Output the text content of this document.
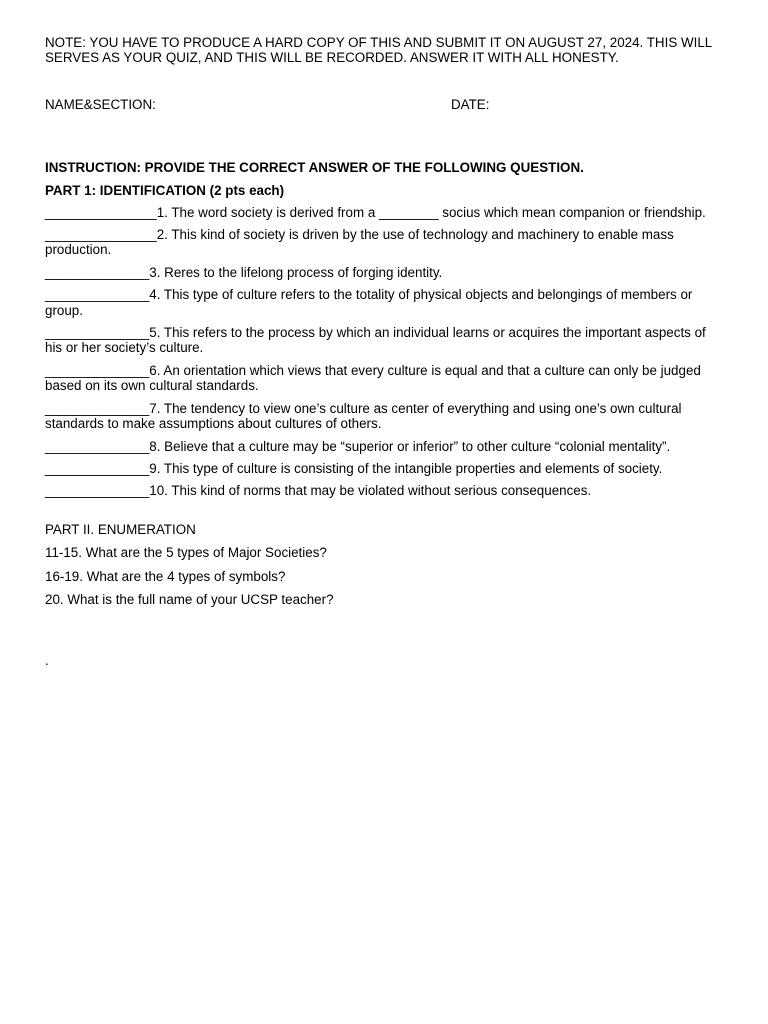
NOTE: YOU HAVE TO PRODUCE A HARD COPY OF THIS AND SUBMIT IT ON AUGUST 27, 2024. THIS WILL SERVES AS YOUR QUIZ, AND THIS WILL BE RECORDED. ANSWER IT WITH ALL HONESTY.

NAME&SECTION:	DATE:
INSTRUCTION: PROVIDE THE CORRECT ANSWER OF THE FOLLOWING QUESTION.
PART 1: IDENTIFICATION (2 pts each)
_______________1. The word society is derived from a ________ socius which mean companion or friendship.
_______________2. This kind of society is driven by the use of technology and machinery to enable mass production.
______________3. Reres to the lifelong process of forging identity.
______________4. This type of culture refers to the totality of physical objects and belongings of members or group.
______________5. This refers to the process by which an individual learns or acquires the important aspects of his or her society’s culture.
______________6. An orientation which views that every culture is equal and that a culture can only be judged based on its own cultural standards.
______________7. The tendency to view one’s culture as center of everything and using one’s own cultural standards to make assumptions about cultures of others.
______________8. Believe that a culture may be “superior or inferior” to other culture “colonial mentality”.
______________9. This type of culture is consisting of the intangible properties and elements of society.
______________10. This kind of norms that may be violated without serious consequences.
PART II. ENUMERATION
11-15. What are the 5 types of Major Societies?
16-19. What are the 4 types of symbols?
20. What is the full name of your UCSP teacher?
.
